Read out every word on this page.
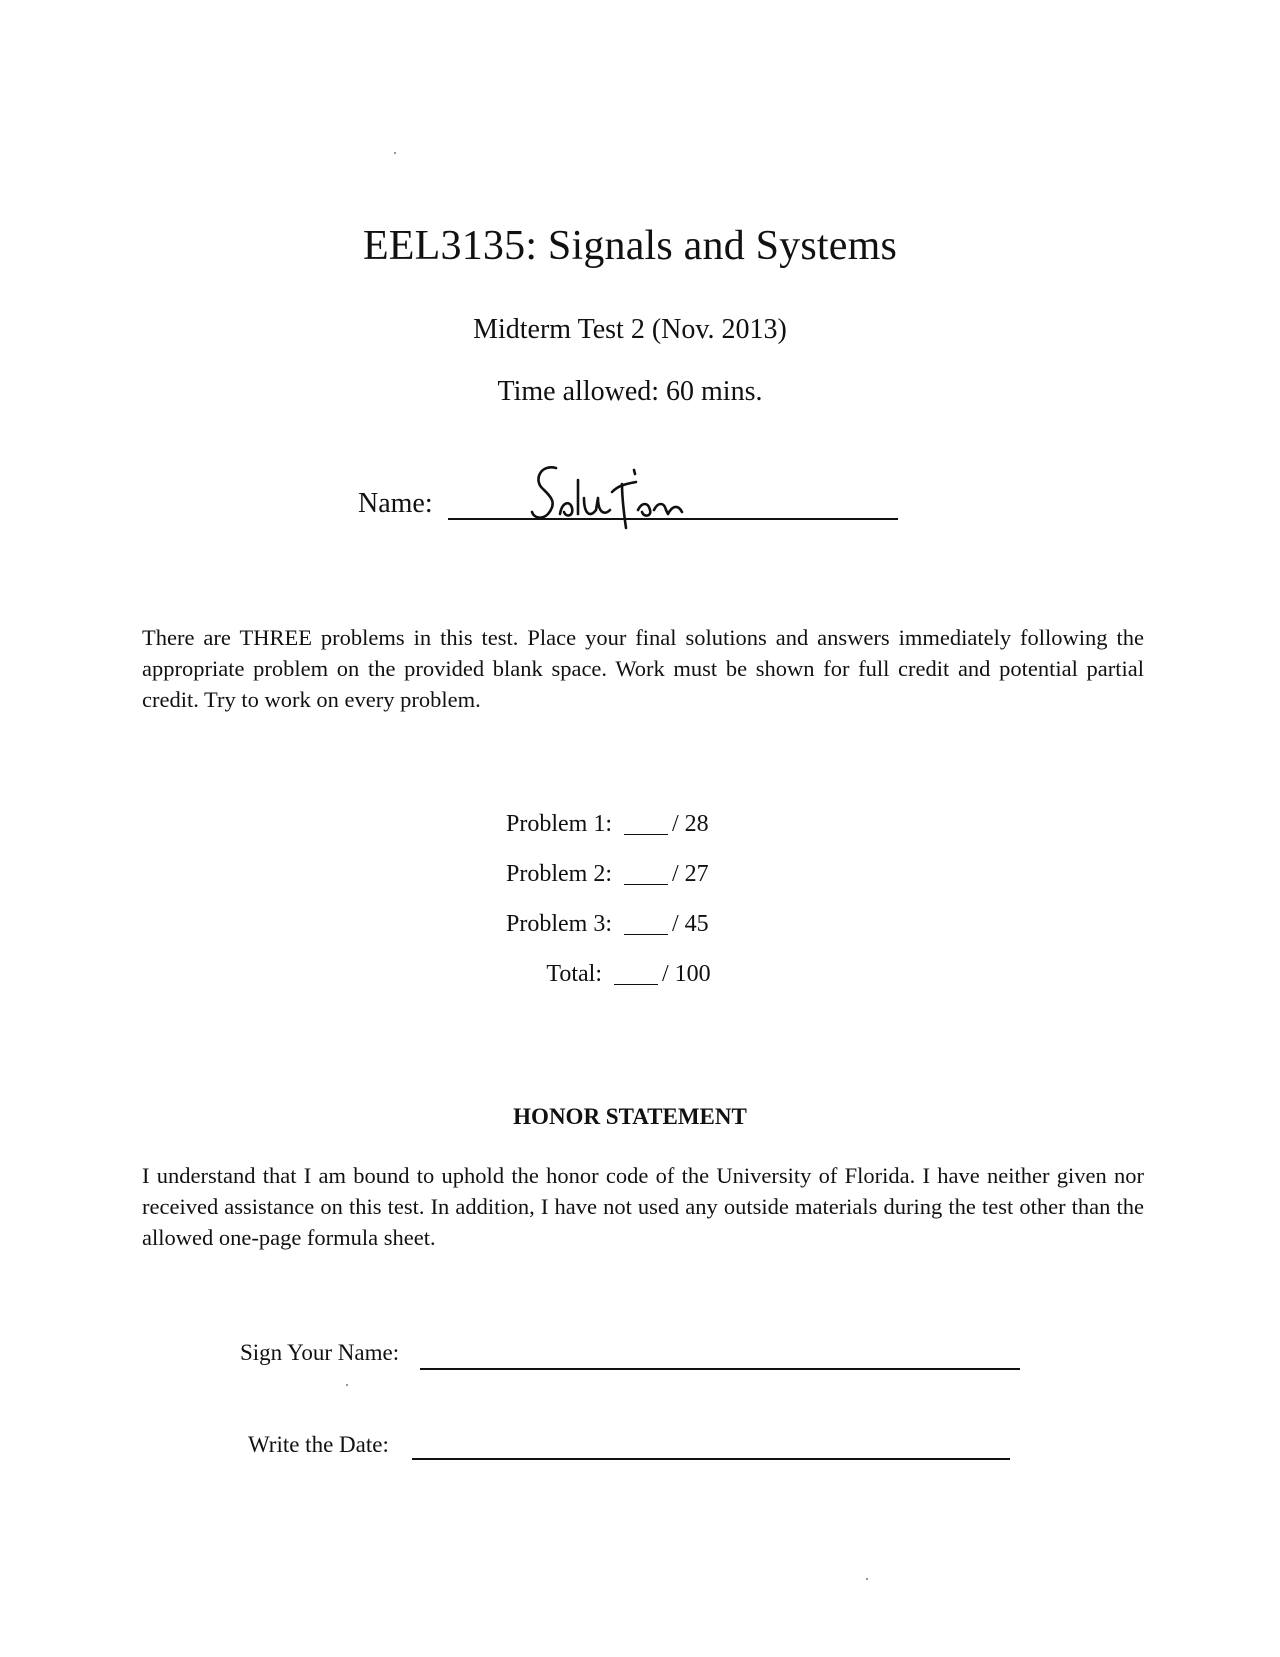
EEL3135: Signals and Systems
Midterm Test 2 (Nov. 2013)
Time allowed: 60 mins.
Name:
There are THREE problems in this test. Place your final solutions and answers immediately following the appropriate problem on the provided blank space. Work must be shown for full credit and potential partial credit. Try to work on every problem.
Problem 1:	/ 28
Problem 2:	/ 27
Problem 3:	/ 45
Total:	/ 100
HONOR STATEMENT
I understand that I am bound to uphold the honor code of the University of Florida. I have neither given nor received assistance on this test. In addition, I have not used any outside materials during the test other than the allowed one-page formula sheet.
Sign Your Name:
Write the Date:
